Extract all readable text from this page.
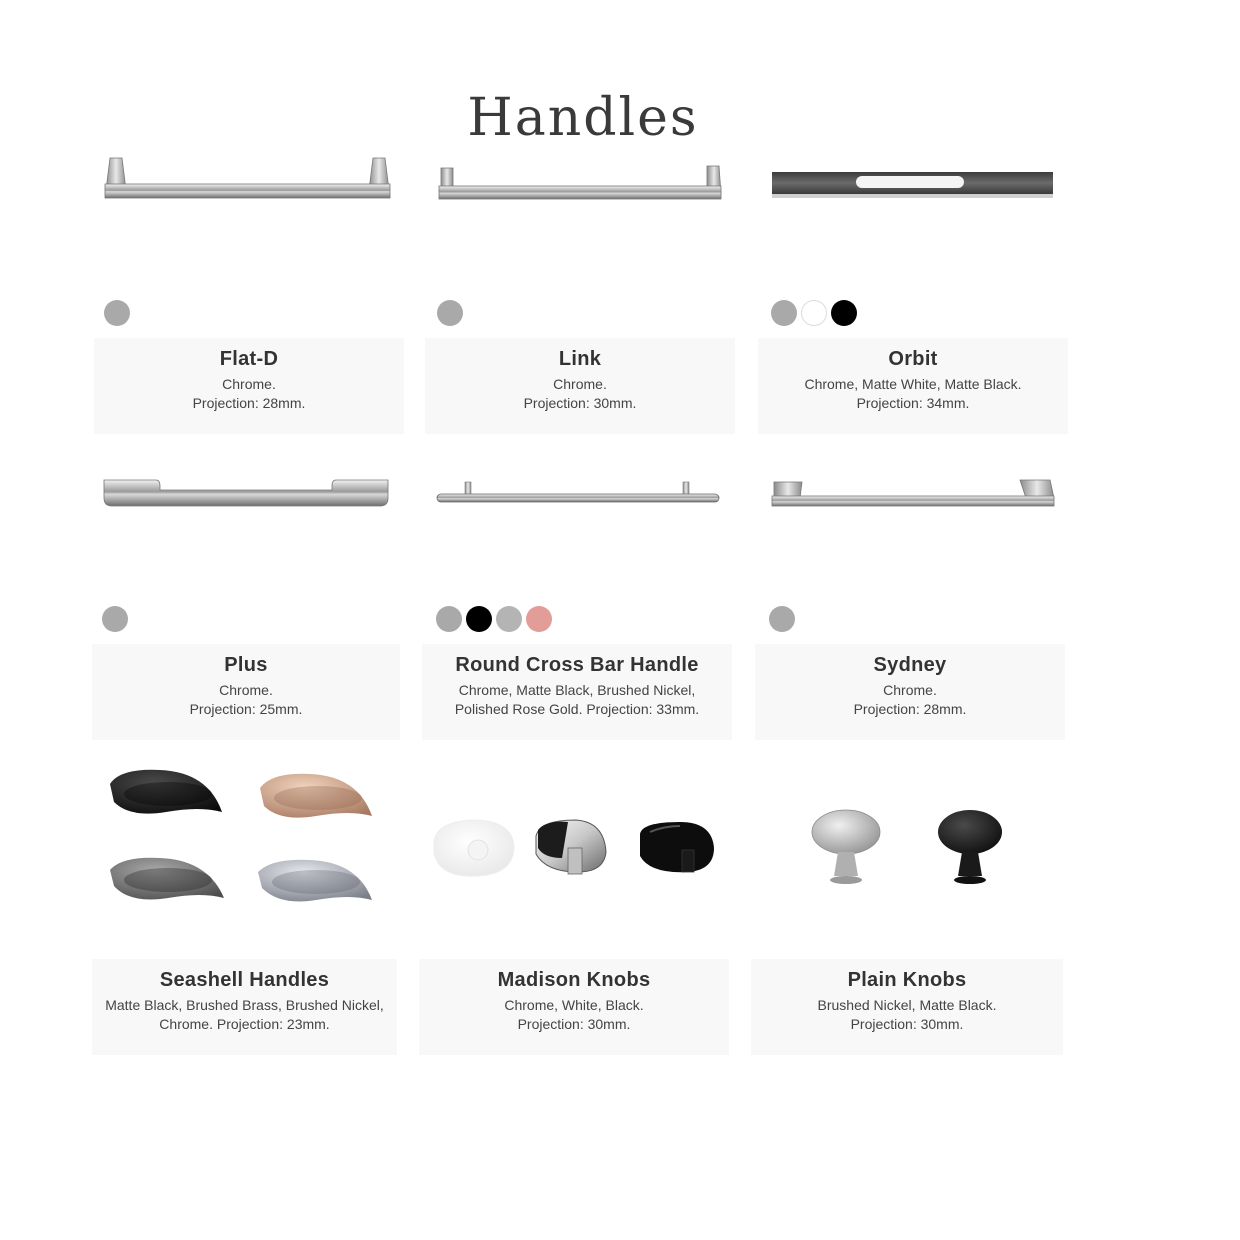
Handles

Flat-D

Chrome.

Projection: 28mm.

Link

Chrome.

Projection: 30mm.

Orbit

Chrome, Matte White, Matte Black.

Projection: 34mm.

Plus

Chrome.

Projection: 25mm.

Round Cross Bar Handle

Chrome, Matte Black, Brushed Nickel,

Polished Rose Gold. Projection: 33mm.

Sydney

Chrome.

Projection: 28mm.

Seashell Handles

Matte Black, Brushed Brass, Brushed Nickel,

Chrome. Projection: 23mm.

Madison Knobs

Chrome, White, Black.

Projection: 30mm.

Plain Knobs

Brushed Nickel, Matte Black.

Projection: 30mm.
